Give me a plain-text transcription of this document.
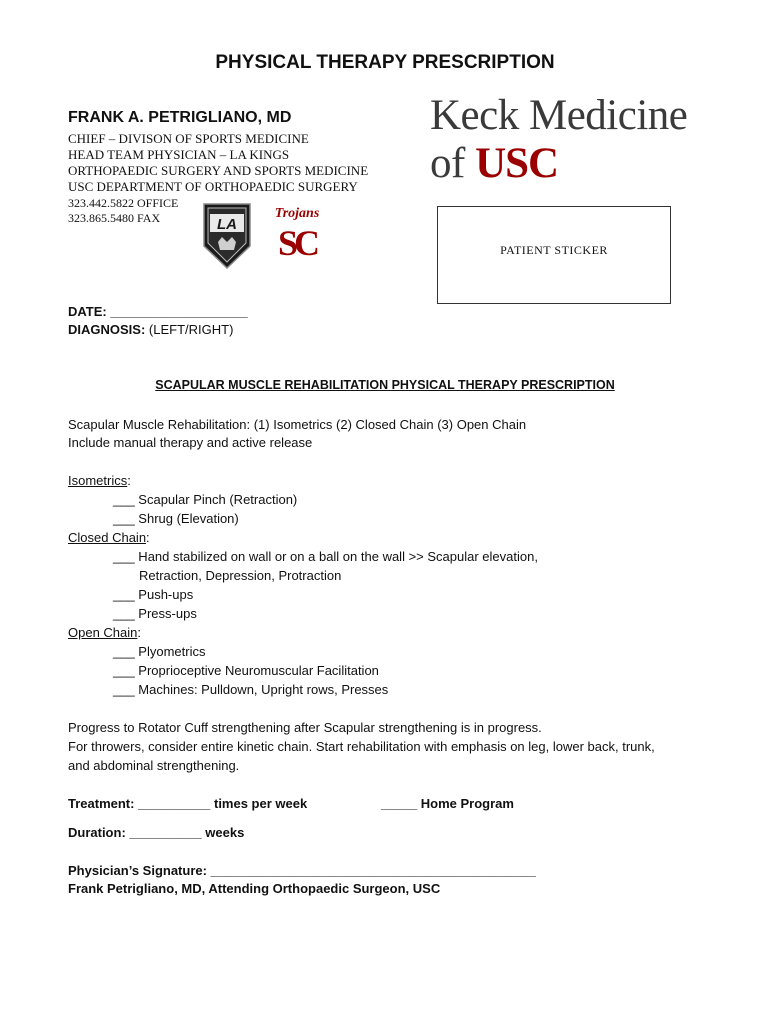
PHYSICAL THERAPY PRESCRIPTION
FRANK A. PETRIGLIANO, MD
CHIEF – DIVISON OF SPORTS MEDICINE
HEAD TEAM PHYSICIAN – LA KINGS
ORTHOPAEDIC SURGERY AND SPORTS MEDICINE
USC DEPARTMENT OF ORTHOPAEDIC SURGERY
323.442.5822 OFFICE
323.865.5480 FAX	LA
Trojans
SC
Keck Medicine
of USC
PATIENT STICKER
DATE: ___________________
DIAGNOSIS: (LEFT/RIGHT)
SCAPULAR MUSCLE REHABILITATION PHYSICAL THERAPY PRESCRIPTION
Scapular Muscle Rehabilitation: (1) Isometrics (2) Closed Chain (3) Open Chain
Include manual therapy and active release
Isometrics:
___ Scapular Pinch (Retraction)
___ Shrug (Elevation)
Closed Chain:
___ Hand stabilized on wall or on a ball on the wall >> Scapular elevation,
Retraction, Depression, Protraction
___ Push-ups
___ Press-ups
Open Chain:
___ Plyometrics
___ Proprioceptive Neuromuscular Facilitation
___ Machines: Pulldown, Upright rows, Presses
Progress to Rotator Cuff strengthening after Scapular strengthening is in progress.
For throwers, consider entire kinetic chain. Start rehabilitation with emphasis on leg, lower back, trunk,
and abdominal strengthening.
Treatment: __________ times per week	_____ Home Program
Duration: __________ weeks
Physician’s Signature: _____________________________________________
Frank Petrigliano, MD, Attending Orthopaedic Surgeon, USC
